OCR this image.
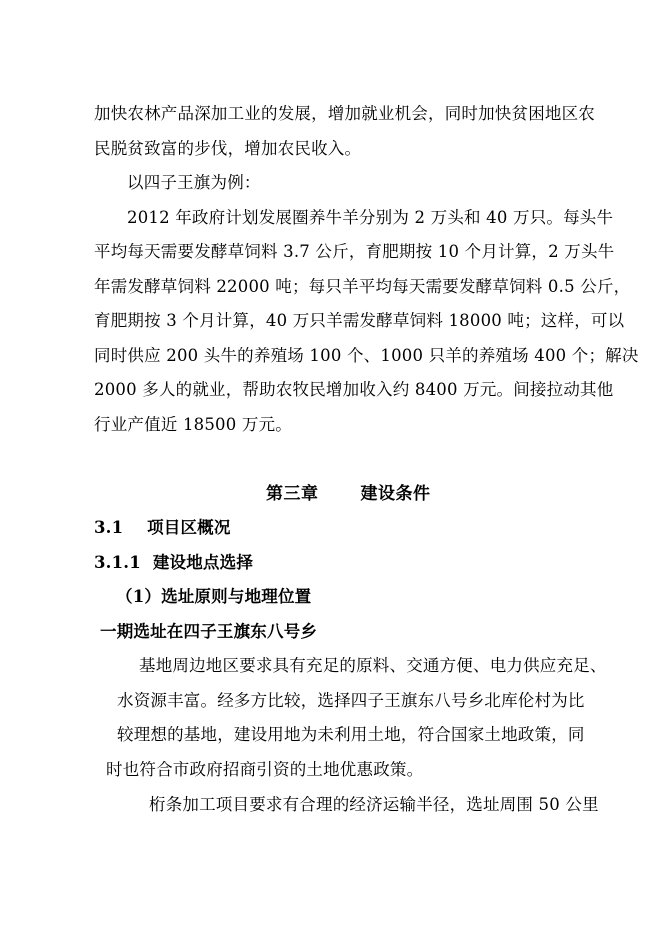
加快农林产品深加工业的发展，增加就业机会，同时加快贫困地区农
民脱贫致富的步伐，增加农民收入。
以四子王旗为例：
2012 年政府计划发展圈养牛羊分别为 2 万头和 40 万只。每头牛
平均每天需要发酵草饲料 3.7 公斤，育肥期按 10 个月计算，2 万头牛
年需发酵草饲料 22000 吨；每只羊平均每天需要发酵草饲料 0.5 公斤，
育肥期按 3 个月计算，40 万只羊需发酵草饲料 18000 吨；这样，可以
同时供应 200 头牛的养殖场 100 个、1000 只羊的养殖场 400 个；解决
2000 多人的就业，帮助农牧民增加收入约 8400 万元。间接拉动其他
行业产值近 18500 万元。
第三章 建设条件
3.1    项目区概况
3.1.1  建设地点选择
（1）选址原则与地理位置
一期选址在四子王旗东八号乡
基地周边地区要求具有充足的原料、交通方便、电力供应充足、
水资源丰富。经多方比较，选择四子王旗东八号乡北库伦村为比
较理想的基地，建设用地为未利用土地，符合国家土地政策，同
时也符合市政府招商引资的土地优惠政策。
桁条加工项目要求有合理的经济运输半径，选址周围 50 公里
